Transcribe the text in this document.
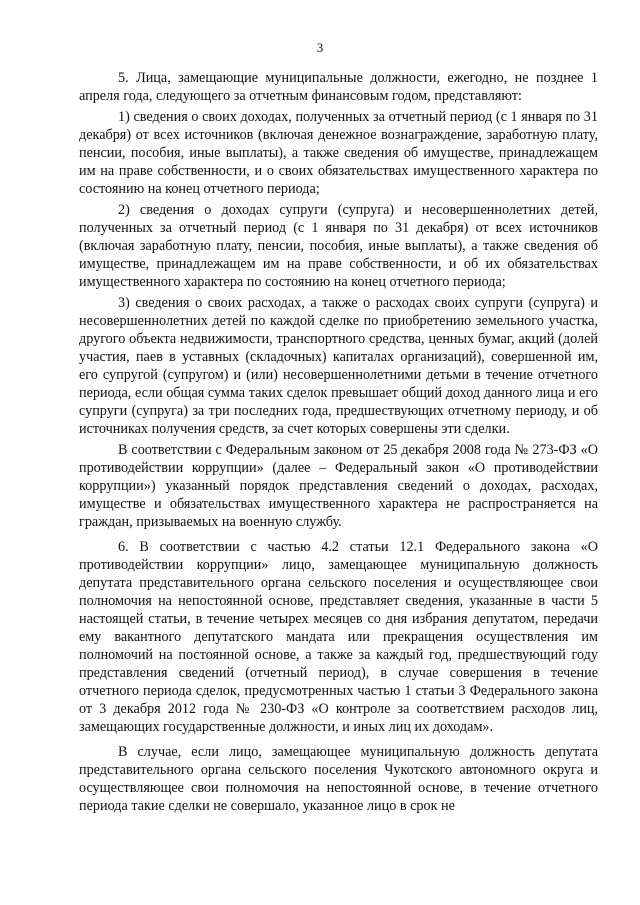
3

5. Лица, замещающие муниципальные должности, ежегодно, не позднее 1 апреля года, следующего за отчетным финансовым годом, представляют:

1) сведения о своих доходах, полученных за отчетный период (с 1 января по 31 декабря) от всех источников (включая денежное вознаграждение, заработную плату, пенсии, пособия, иные выплаты), а также сведения об имуществе, принадлежащем им на праве собственности, и о своих обязательствах имущественного характера по состоянию на конец отчетного периода;

2) сведения о доходах супруги (супруга) и несовершеннолетних детей, полученных за отчетный период (с 1 января по 31 декабря) от всех источников (включая заработную плату, пенсии, пособия, иные выплаты), а также сведения об имуществе, принадлежащем им на праве собственности, и об их обязательствах имущественного характера по состоянию на конец отчетного периода;

3) сведения о своих расходах, а также о расходах своих супруги (супруга) и несовершеннолетних детей по каждой сделке по приобретению земельного участка, другого объекта недвижимости, транспортного средства, ценных бумаг, акций (долей участия, паев в уставных (складочных) капиталах организаций), совершенной им, его супругой (супругом) и (или) несовершеннолетними детьми в течение отчетного периода, если общая сумма таких сделок превышает общий доход данного лица и его супруги (супруга) за три последних года, предшествующих отчетному периоду, и об источниках получения средств, за счет которых совершены эти сделки.

В соответствии с Федеральным законом от 25 декабря 2008 года № 273-ФЗ «О противодействии коррупции» (далее – Федеральный закон «О противодействии коррупции») указанный порядок представления сведений о доходах, расходах, имуществе и обязательствах имущественного характера не распространяется на граждан, призываемых на военную службу.

6. В соответствии с частью 4.2 статьи 12.1 Федерального закона «О противодействии коррупции» лицо, замещающее муниципальную должность депутата представительного органа сельского поселения и осуществляющее свои полномочия на непостоянной основе, представляет сведения, указанные в части 5 настоящей статьи, в течение четырех месяцев со дня избрания депутатом, передачи ему вакантного депутатского мандата или прекращения осуществления им полномочий на постоянной основе, а также за каждый год, предшествующий году представления сведений (отчетный период), в случае совершения в течение отчетного периода сделок, предусмотренных частью 1 статьи 3 Федерального закона от 3 декабря 2012 года № 230-ФЗ «О контроле за соответствием расходов лиц, замещающих государственные должности, и иных лиц их доходам».

В случае, если лицо, замещающее муниципальную должность депутата представительного органа сельского поселения Чукотского автономного округа и осуществляющее свои полномочия на непостоянной основе, в течение отчетного периода такие сделки не совершало, указанное лицо в срок не
